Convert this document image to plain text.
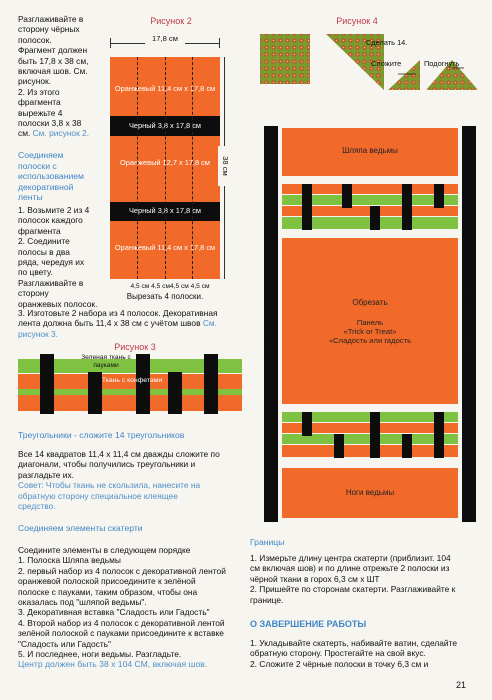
Разглаживайте в

сторону чёрных

полосок.

Фрагмент должен

быть 17,8 х 38 см,

включая шов. См.

рисунок.

2. Из этого

фрагмента

вырежьте 4

полоски 3,8 х 38

см. См. рисунок 2.

Соединяем
полоски с
использованием
декоративной
ленты

1. Возьмите 2 из 4

полосок каждого

фрагмента

2. Соедините

полосы в два

ряда, чередуя их

по цвету.

Разглаживайте в

сторону

оранжевых полосок.

3. Изготовьте 2 набора из 4 полосок. Декоративная

лента должна быть 11,4 х 38 см с учётом швов См.

рисунок 3.

Рисунок 2
17,8 см
Оранжевый 11,4 см х 17,8 см
Черный 3,8 х 17,8 см
Оранжевый 12,7 х 17,8 см
Черный 3,8 х 17,8 см
Оранжевый 11,4 см х 17,8 см
38 см
4,5 см 4,5 см4,5 см 4,5 см
Вырезать 4 полоски.
Рисунок 3
Зеленая ткань с пауками
Ткань с конфетами
Треугольники - сложите 14 треугольников

Все 14 квадратов 11,4 х 11,4 см дважды сложите по

диагонали, чтобы получились треугольники и

разгладьте их.

Совет: Чтобы ткань не скользила, нанесите на

обратную сторону специальное клеящее

средство.

Соединяем элементы скатерти

Соедините элементы в следующем порядке

1. Полоска Шляпа ведьмы

2. первый набор из 4 полосок с декоративной лентой

оранжевой полоской присоедините к зелёной

полоске с пауками, таким образом, чтобы она

оказалась под "шляпой ведьмы".

3. Декоративная вставка "Сладость или Гадость"

4. Второй набор из 4 полосок с декоративной лентой

зелёной полоской с пауками присоедините к вставке

"Сладость или Гадость"

5. И последнее, ноги ведьмы. Разгладьте.

Центр должен быть 38 х 104 СМ, включая шов.

Рисунок 4
Сделать 14.
Сложите	Подогнуть
Шляпа ведьмы
Обрезать
Панель
«Trick or Treat»
«Сладость или гадость
Ноги ведьмы
6,3 см черные полоски	6,3 см черные полоски
Границы

1. Измерьте длину центра скатерти (приблизит. 104

см включая шов) и по длине отрежьте 2 полоски из

чёрной ткани в горох 6,3 см х ШТ

2. Пришейте по сторонам скатерти. Разглаживайте к

границе.

О ЗАВЕРШЕНИЕ РАБОТЫ

1. Укладывайте скатерть, набивайте ватин, сделайте

обратную сторону. Простегайте на свой вкус.

2. Сложите 2 чёрные полоски в точку 6,3 см и

21
